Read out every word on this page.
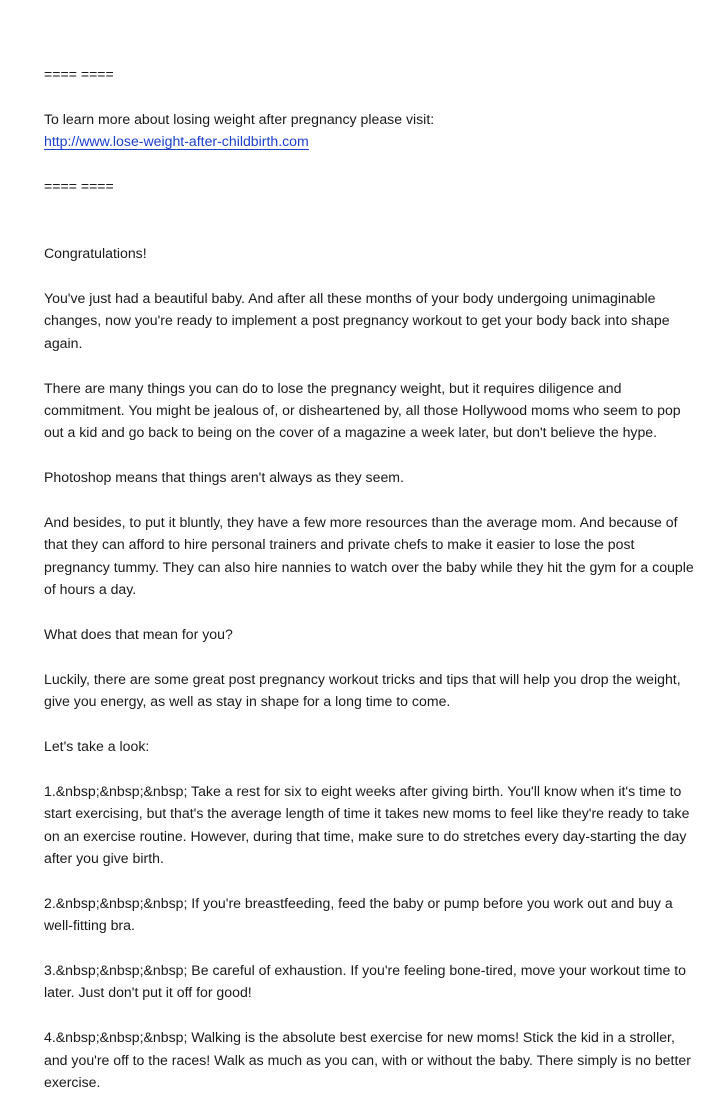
==== ====

To learn more about losing weight after pregnancy please visit:

http://www.lose-weight-after-childbirth.com

==== ====

Congratulations!

You've just had a beautiful baby. And after all these months of your body undergoing unimaginable changes, now you're ready to implement a post pregnancy workout to get your body back into shape again.

There are many things you can do to lose the pregnancy weight, but it requires diligence and commitment. You might be jealous of, or disheartened by, all those Hollywood moms who seem to pop out a kid and go back to being on the cover of a magazine a week later, but don't believe the hype.

Photoshop means that things aren't always as they seem.

And besides, to put it bluntly, they have a few more resources than the average mom. And because of that they can afford to hire personal trainers and private chefs to make it easier to lose the post pregnancy tummy. They can also hire nannies to watch over the baby while they hit the gym for a couple of hours a day.

What does that mean for you?

Luckily, there are some great post pregnancy workout tricks and tips that will help you drop the weight, give you energy, as well as stay in shape for a long time to come.

Let's take a look:

1.&nbsp;&nbsp;&nbsp; Take a rest for six to eight weeks after giving birth. You'll know when it's time to start exercising, but that's the average length of time it takes new moms to feel like they're ready to take on an exercise routine. However, during that time, make sure to do stretches every day-starting the day after you give birth.

2.&nbsp;&nbsp;&nbsp; If you're breastfeeding, feed the baby or pump before you work out and buy a well-fitting bra.

3.&nbsp;&nbsp;&nbsp; Be careful of exhaustion. If you're feeling bone-tired, move your workout time to later. Just don't put it off for good!

4.&nbsp;&nbsp;&nbsp; Walking is the absolute best exercise for new moms! Stick the kid in a stroller, and you're off to the races! Walk as much as you can, with or without the baby. There simply is no better exercise.
